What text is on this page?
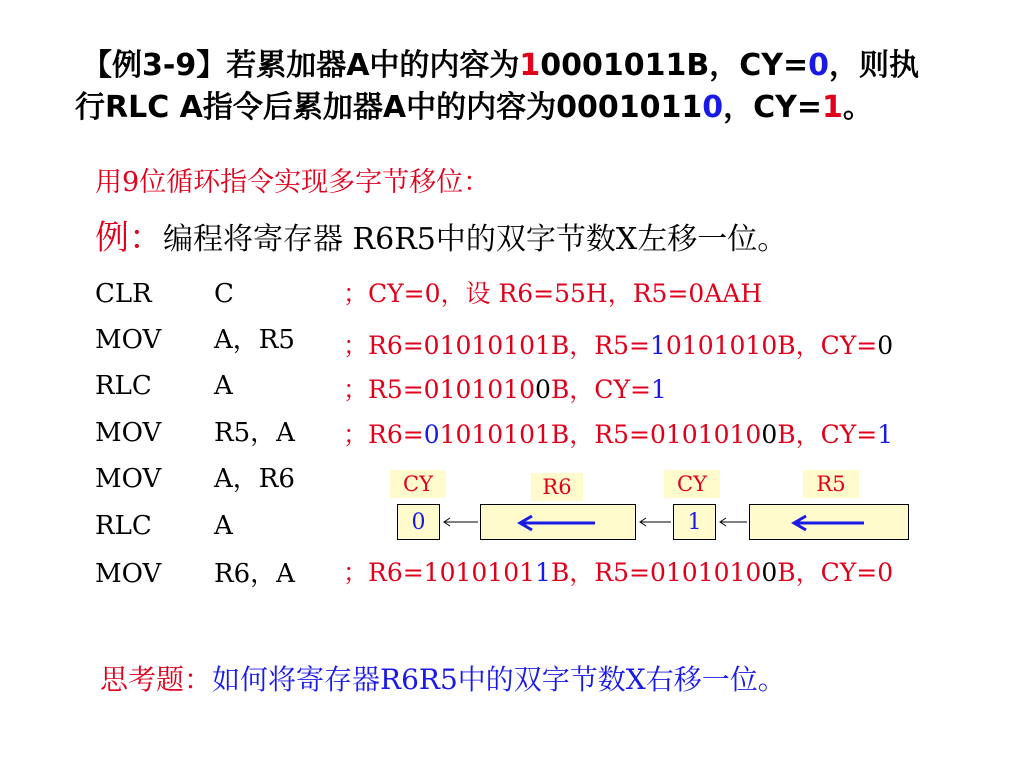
【例3-9】若累加器A中的内容为10001011B，CY=0，则执
行RLC A指令后累加器A中的内容为00010110，CY=1。
用9位循环指令实现多字节移位：
例：编程将寄存器 R6R5中的双字节数X左移一位。
CLR C	；CY=0，设 R6=55H，R5=0AAH
MOV A，R5 ；R6=01010101B，R5=10101010B，CY=0
RLC A	；R5=01010100B，CY=1
MOV R5，A ；R6=01010101B，R5=01010100B，CY=1
MOV A，R6
RLC A
MOV R6，A ；R6=10101011B，R5=01010100B，CY=0
CY	R6	CY	R5
0	1
思考题：如何将寄存器R6R5中的双字节数X右移一位。
